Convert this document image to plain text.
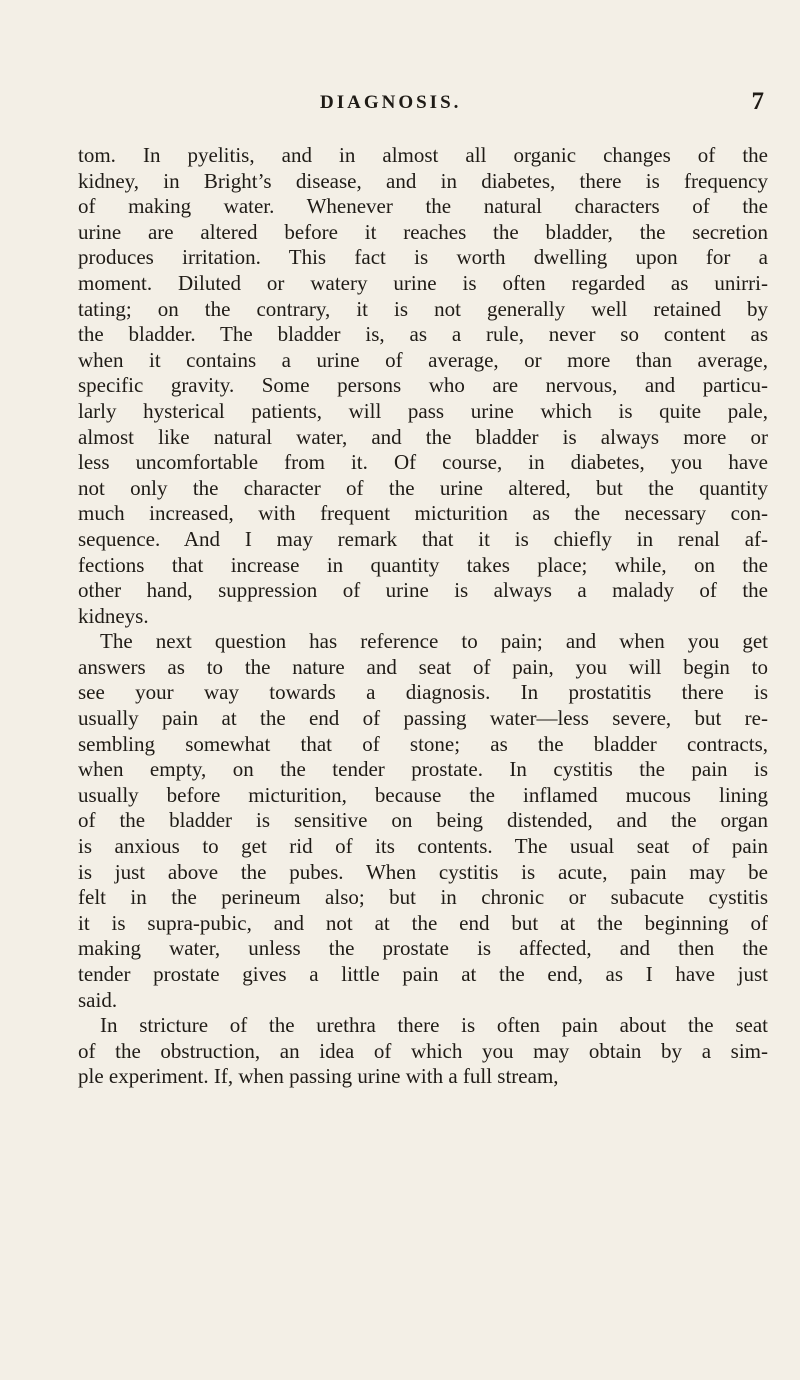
DIAGNOSIS.	7
tom. In pyelitis, and in almost all organic changes of the
kidney, in Bright’s disease, and in diabetes, there is frequency
of making water. Whenever the natural characters of the
urine are altered before it reaches the bladder, the secretion
produces irritation. This fact is worth dwelling upon for a
moment. Diluted or watery urine is often regarded as unirri-
tating; on the contrary, it is not generally well retained by
the bladder. The bladder is, as a rule, never so content as
when it contains a urine of average, or more than average,
specific gravity. Some persons who are nervous, and particu-
larly hysterical patients, will pass urine which is quite pale,
almost like natural water, and the bladder is always more or
less uncomfortable from it. Of course, in diabetes, you have
not only the character of the urine altered, but the quantity
much increased, with frequent micturition as the necessary con-
sequence. And I may remark that it is chiefly in renal af-
fections that increase in quantity takes place; while, on the
other hand, suppression of urine is always a malady of the
kidneys.
The next question has reference to pain; and when you get
answers as to the nature and seat of pain, you will begin to
see your way towards a diagnosis. In prostatitis there is
usually pain at the end of passing water—less severe, but re-
sembling somewhat that of stone; as the bladder contracts,
when empty, on the tender prostate. In cystitis the pain is
usually before micturition, because the inflamed mucous lining
of the bladder is sensitive on being distended, and the organ
is anxious to get rid of its contents. The usual seat of pain
is just above the pubes. When cystitis is acute, pain may be
felt in the perineum also; but in chronic or subacute cystitis
it is supra-pubic, and not at the end but at the beginning of
making water, unless the prostate is affected, and then the
tender prostate gives a little pain at the end, as I have just
said.
In stricture of the urethra there is often pain about the seat
of the obstruction, an idea of which you may obtain by a sim-
ple experiment. If, when passing urine with a full stream,
